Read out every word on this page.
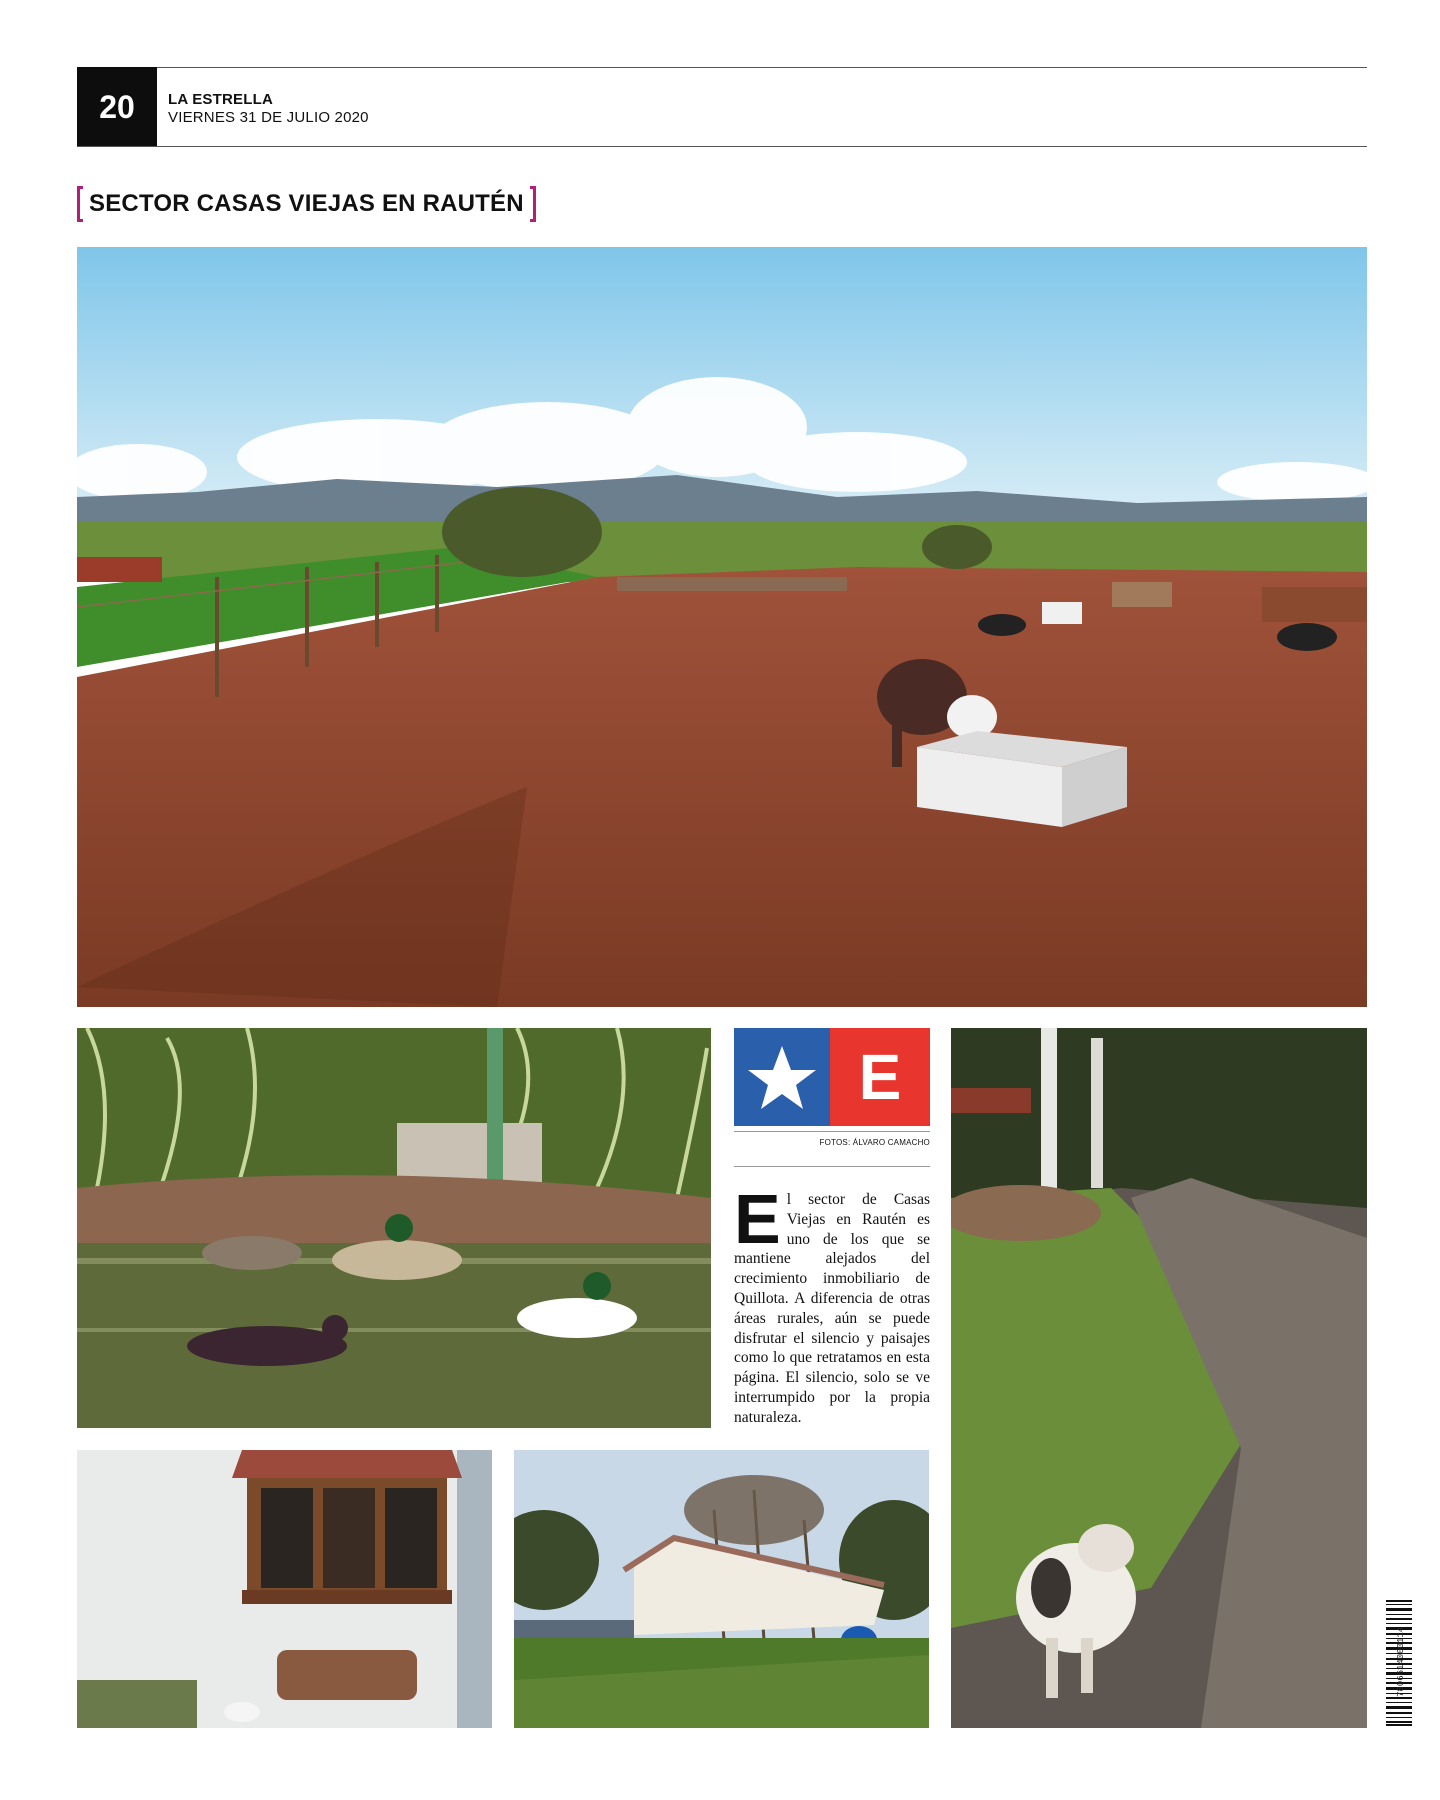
20	LA ESTRELLA
VIERNES 31 DE JULIO 2020
SECTOR CASAS VIEJAS EN RAUTÉN
E
FOTOS: ÁLVARO CAMACHO
El sector de Casas Viejas en Rautén es uno de los que se mantiene alejados del crecimiento inmobiliario de Quillota. A diferencia de otras áreas rurales, aún se puede disfrutar el silencio y paisajes como lo que retratamos en esta página. El silencio, solo se ve interrumpido por la propia naturaleza.
7806614000114
